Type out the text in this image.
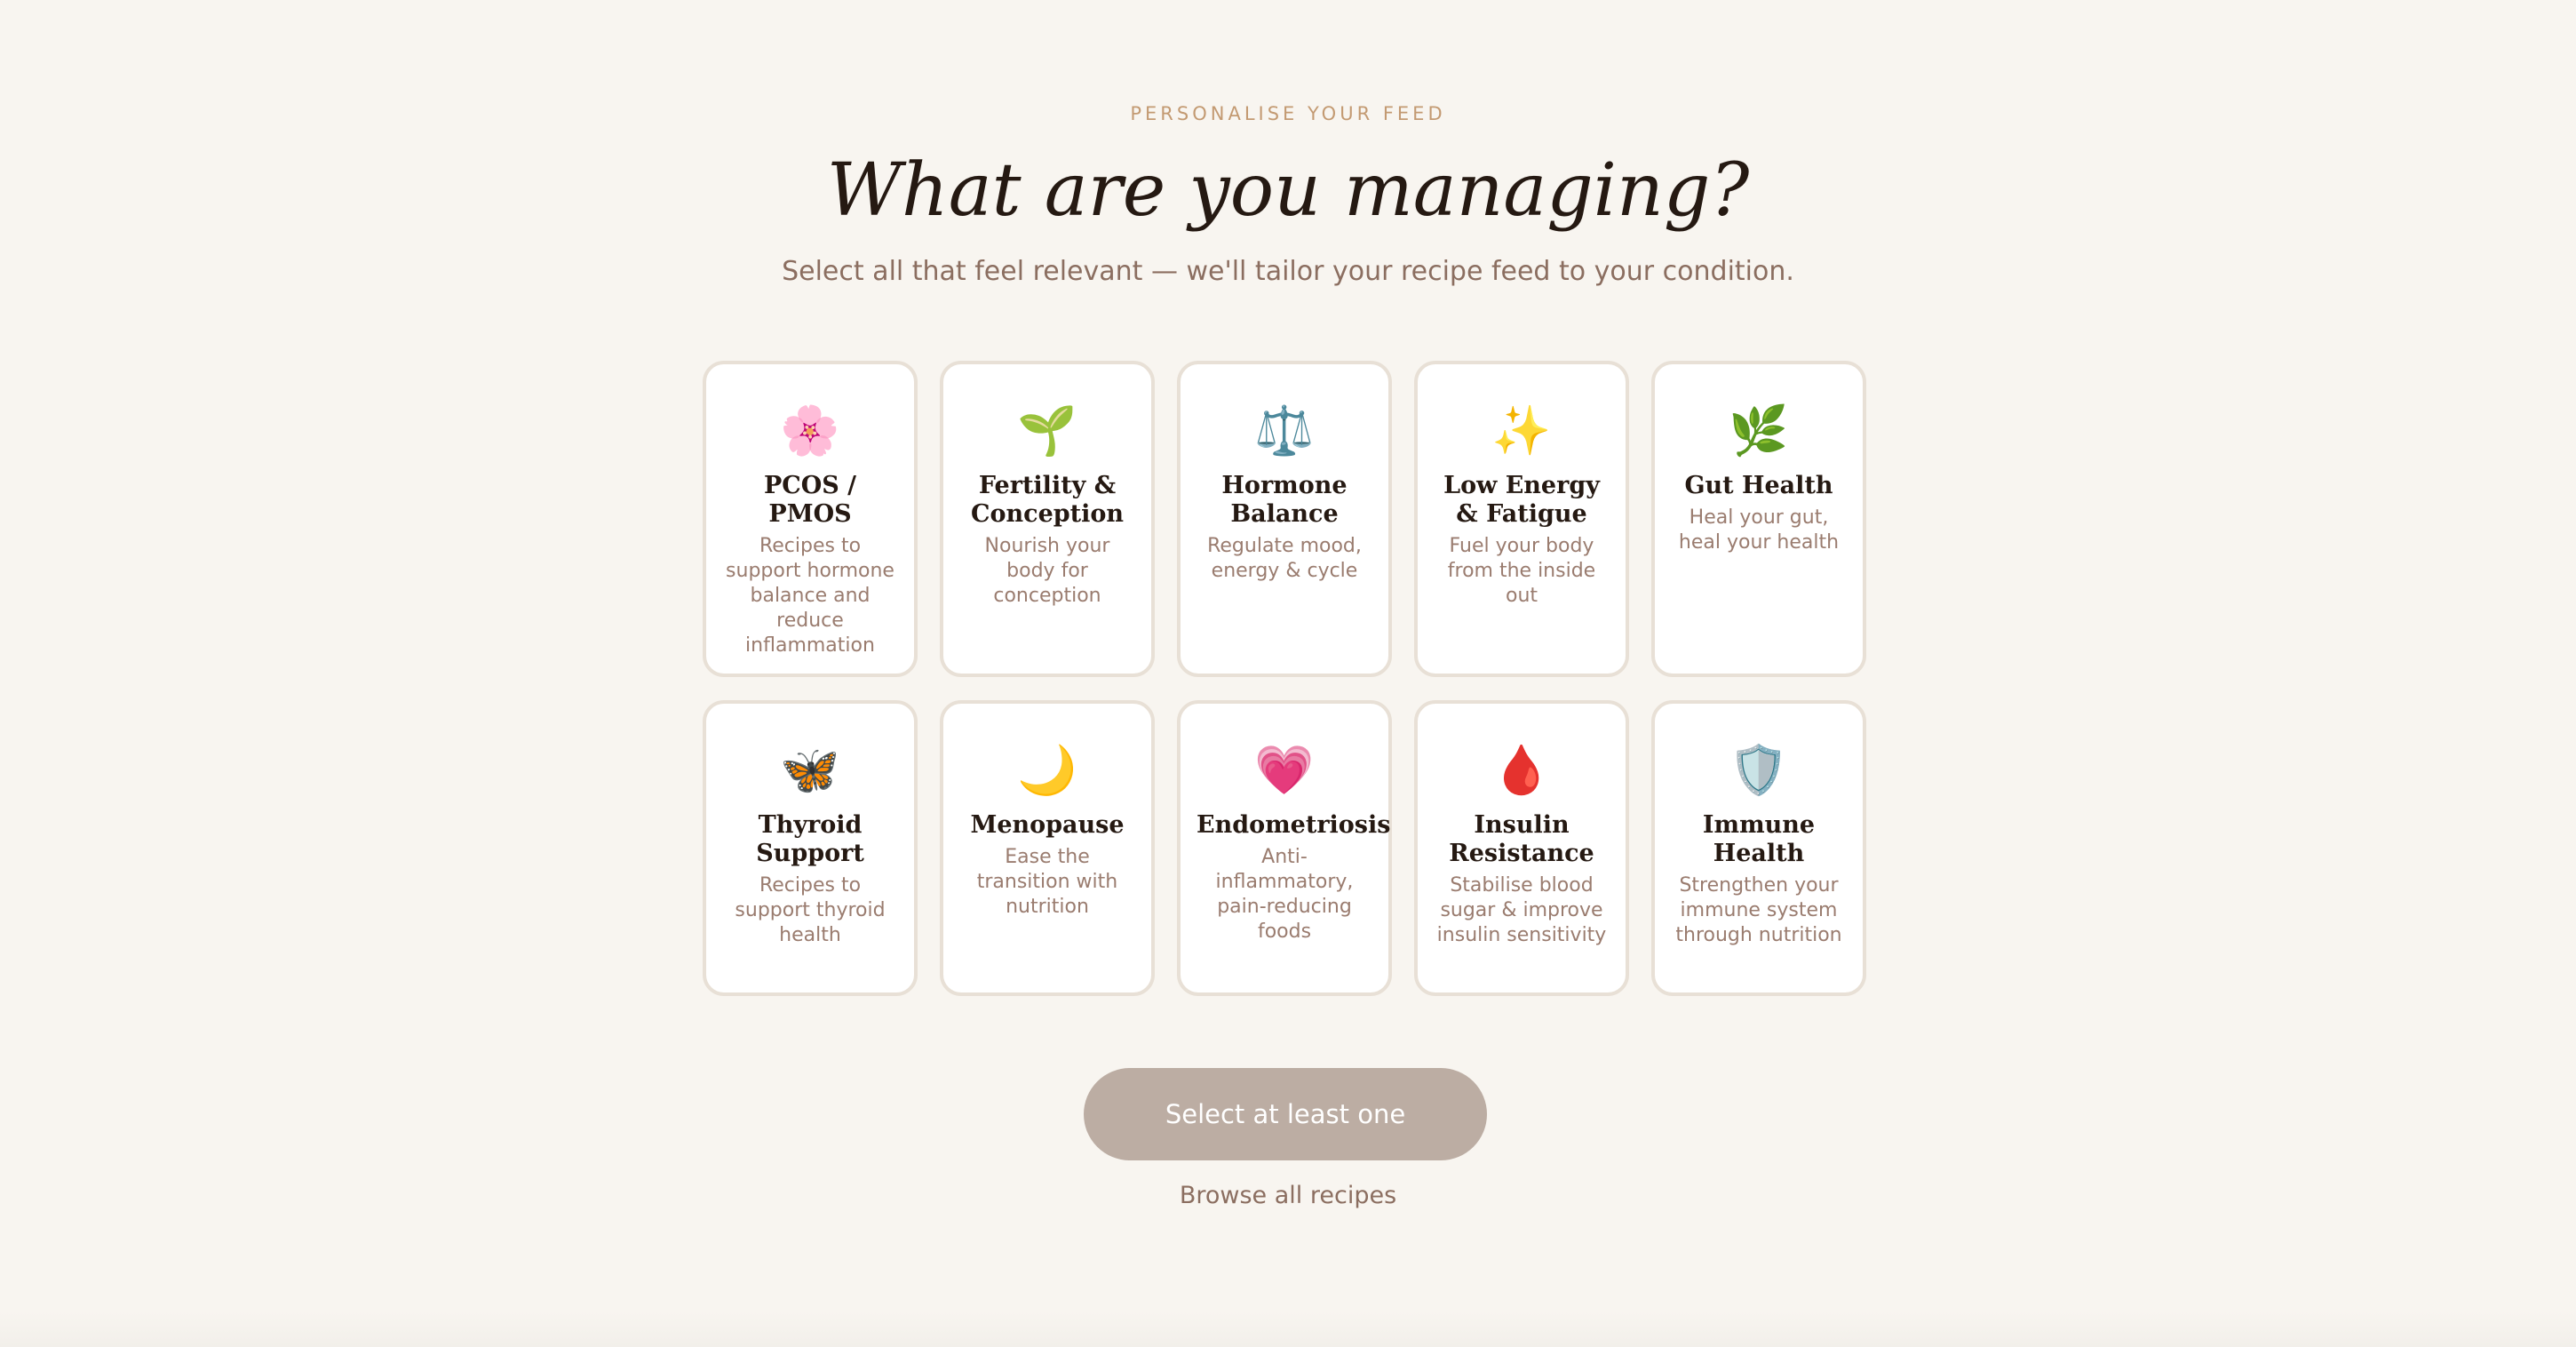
PERSONALISE YOUR FEED
What are you managing?
Select all that feel relevant — we'll tailor your recipe feed to your condition.
🌸
PCOS / PMOS
Recipes to support hormone balance and reduce inflammation
🌱
Fertility & Conception
Nourish your body for conception
⚖️
Hormone Balance
Regulate mood, energy & cycle
✨
Low Energy & Fatigue
Fuel your body from the inside out
🌿
Gut Health
Heal your gut, heal your health
🦋
Thyroid Support
Recipes to support thyroid health
🌙
Menopause
Ease the transition with nutrition
💗
Endometriosis
Anti-inflammatory, pain-reducing foods
🩸
Insulin Resistance
Stabilise blood sugar & improve insulin sensitivity
🛡️
Immune Health
Strengthen your immune system through nutrition
Select at least one
Browse all recipes
